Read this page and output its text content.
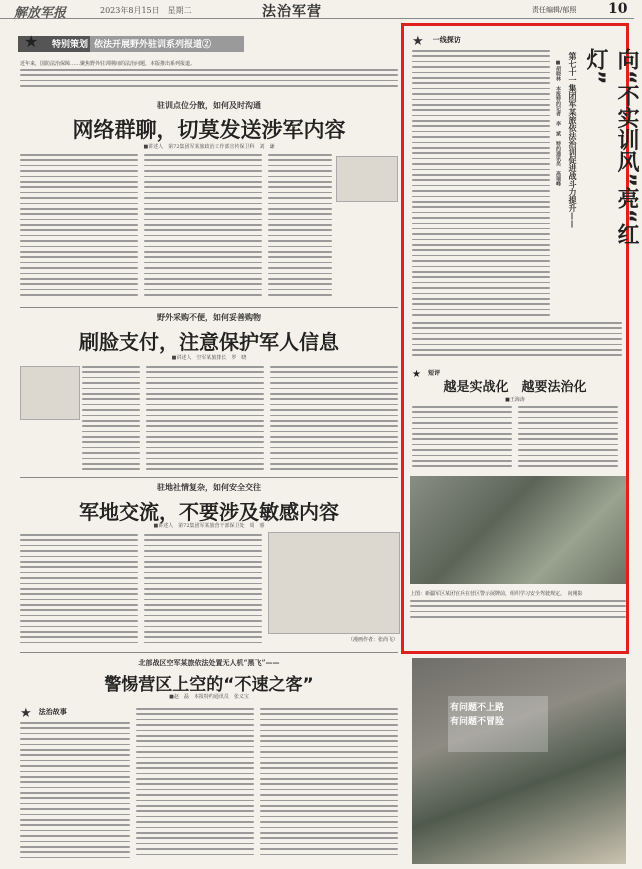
解放军报	2023年8月15日　星期二	法治军营	责任编辑/郁照 10
★ 特别策划 依法开展野外驻训系列报道②
近年来，国防法治保障……聚焦野外驻训期间的法治问题，本版推出系列报道。
驻训点位分散，如何及时沟通
网络群聊，切莫发送涉军内容
■讲述人　第72集团军某旅政治工作部宣传保卫科　刘　谦
野外采购不便，如何妥善购物
刷脸支付，注意保护军人信息
■讲述人　空军某旅排长　罗　晓
驻地社情复杂，如何安全交往
军地交流，不要涉及敏感内容
■讲述人　第72集团军某旅营干部保卫处　周　睿
（漫画作者：张尚飞）
北部战区空军某旅依法处置无人机“黑飞”——
警惕营区上空的“不速之客”
■赵　磊　本报特约通讯员　张义宝
★ 法治故事
★ 一线探访
向“不实训风”亮“红灯”
第七十一集团军某旅依法治训促进战斗力提升——
■胡晓林　本报特约记者　李　斌　特约通讯员　高瑞峰
★ 短评
越是实战化　越要法治化
■王海涛
上图：新疆军区某团官兵在营区警示展牌前，组织学习安全驾驶规定。　向刚影
有问题不上路
有问题不冒险
